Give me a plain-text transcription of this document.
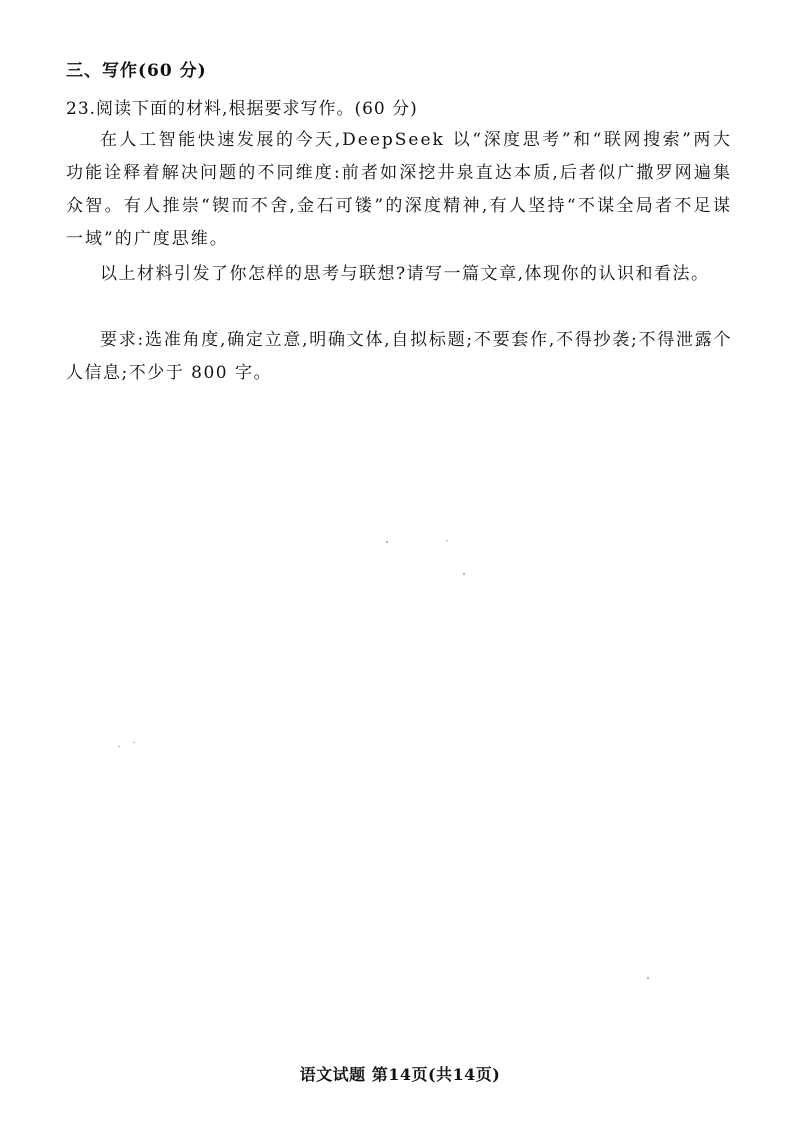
三、写作(60 分)
23.阅读下面的材料,根据要求写作。(60 分)

在人工智能快速发展的今天,DeepSeek 以“深度思考”和“联网搜索”两大功能诠释着解决问题的不同维度:前者如深挖井泉直达本质,后者似广撒罗网遍集众智。有人推崇“锲而不舍,金石可镂”的深度精神,有人坚持“不谋全局者不足谋一域”的广度思维。

以上材料引发了你怎样的思考与联想?请写一篇文章,体现你的认识和看法。

要求:选准角度,确定立意,明确文体,自拟标题;不要套作,不得抄袭;不得泄露个人信息;不少于 800 字。

语文试题 第14页(共14页)
